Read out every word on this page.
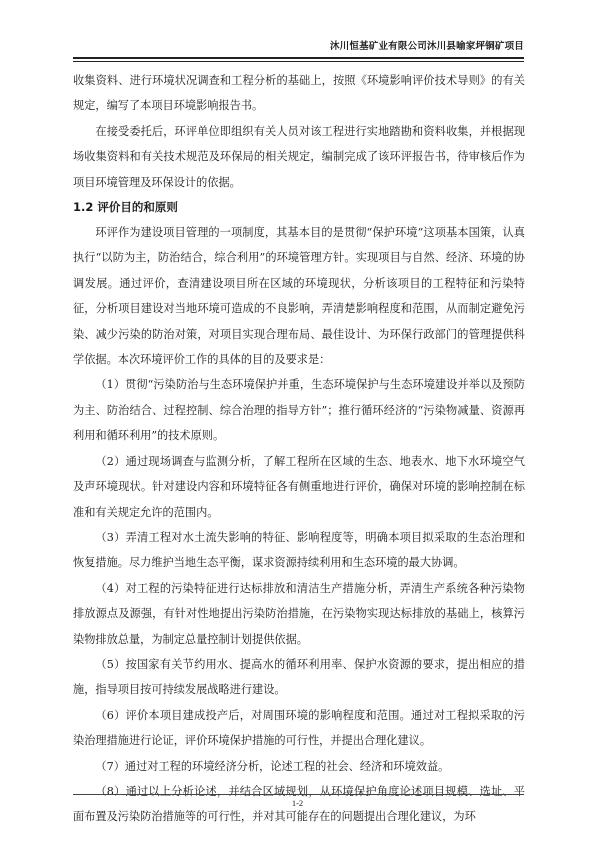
沐川恒基矿业有限公司沐川县喻家坪铜矿项目

收集资料、进行环境状况调查和工程分析的基础上，按照《环境影响评价技术导则》的有关规定，编写了本项目环境影响报告书。

在接受委托后，环评单位即组织有关人员对该工程进行实地踏勘和资料收集，并根据现场收集资料和有关技术规范及环保局的相关规定，编制完成了该环评报告书，待审核后作为项目环境管理及环保设计的依据。

1.2 评价目的和原则

环评作为建设项目管理的一项制度，其基本目的是贯彻“保护环境”这项基本国策，认真执行“以防为主，防治结合，综合利用”的环境管理方针。实现项目与自然、经济、环境的协调发展。通过评价，查清建设项目所在区域的环境现状，分析该项目的工程特征和污染特征，分析项目建设对当地环境可造成的不良影响，弄清楚影响程度和范围，从而制定避免污染、减少污染的防治对策，对项目实现合理布局、最佳设计、为环保行政部门的管理提供科学依据。本次环境评价工作的具体的目的及要求是：

（1）贯彻“污染防治与生态环境保护并重，生态环境保护与生态环境建设并举以及预防为主、防治结合、过程控制、综合治理的指导方针”；推行循环经济的“污染物减量、资源再利用和循环利用”的技术原则。

（2）通过现场调查与监测分析，了解工程所在区域的生态、地表水、地下水环境空气及声环境现状。针对建设内容和环境特征各有侧重地进行评价，确保对环境的影响控制在标准和有关规定允许的范围内。

（3）弄清工程对水土流失影响的特征、影响程度等，明确本项目拟采取的生态治理和恢复措施。尽力维护当地生态平衡，谋求资源持续利用和生态环境的最大协调。

（4）对工程的污染特征进行达标排放和清洁生产措施分析，弄清生产系统各种污染物排放源点及源强，有针对性地提出污染防治措施，在污染物实现达标排放的基础上，核算污染物排放总量，为制定总量控制计划提供依据。

（5）按国家有关节约用水、提高水的循环利用率、保护水资源的要求，提出相应的措施，指导项目按可持续发展战略进行建设。

（6）评价本项目建成投产后，对周围环境的影响程度和范围。通过对工程拟采取的污染治理措施进行论证，评价环境保护措施的可行性，并提出合理化建议。

（7）通过对工程的环境经济分析，论述工程的社会、经济和环境效益。

（8）通过以上分析论述，并结合区域规划，从环境保护角度论述项目规模、选址、平面布置及污染防治措施等的可行性，并对其可能存在的问题提出合理化建议，为环

1-2
